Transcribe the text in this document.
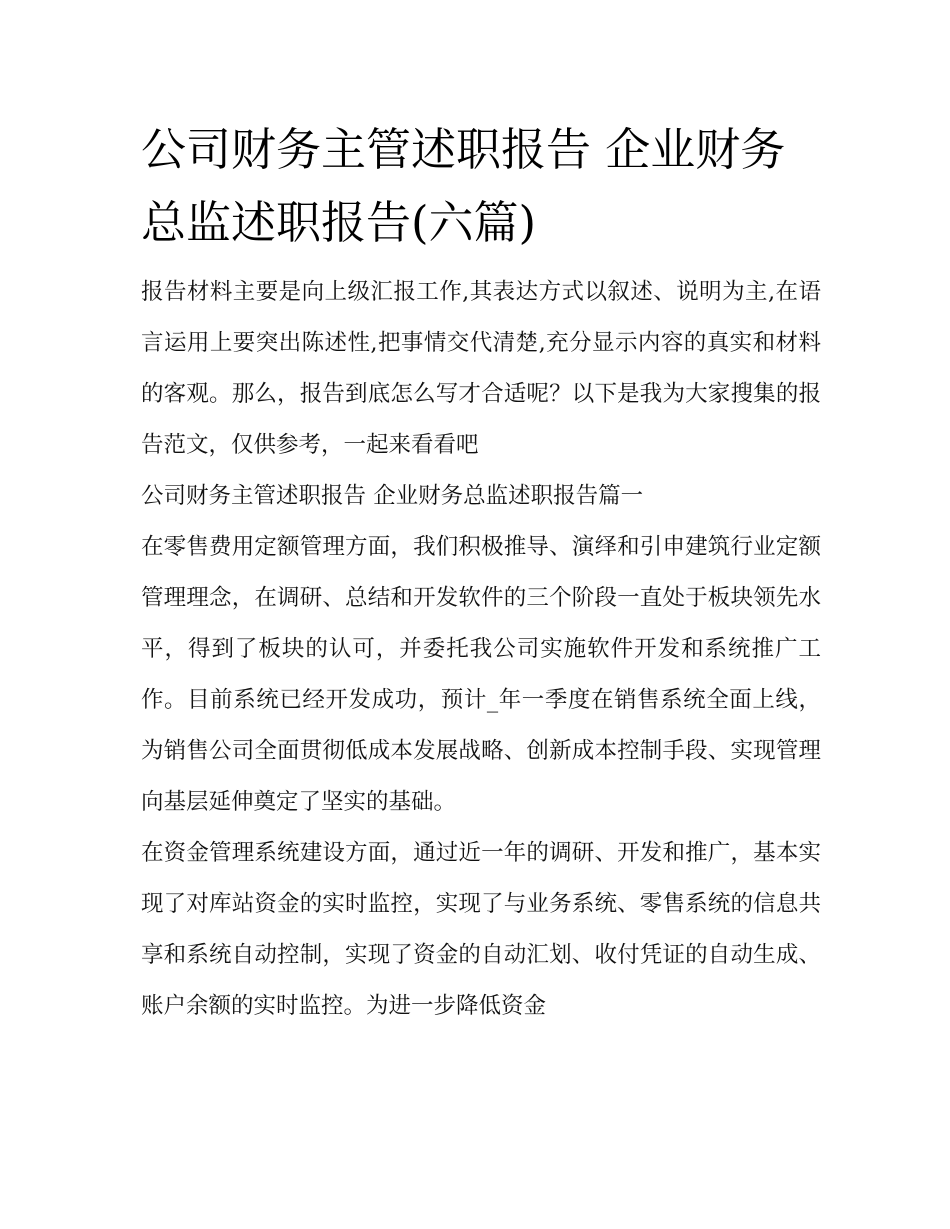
公司财务主管述职报告 企业财务总监述职报告(六篇)

报告材料主要是向上级汇报工作,其表达方式以叙述、说明为主,在语言运用上要突出陈述性,把事情交代清楚,充分显示内容的真实和材料的客观。那么，报告到底怎么写才合适呢？以下是我为大家搜集的报告范文，仅供参考，一起来看看吧

公司财务主管述职报告 企业财务总监述职报告篇一

在零售费用定额管理方面，我们积极推导、演绎和引申建筑行业定额管理理念，在调研、总结和开发软件的三个阶段一直处于板块领先水平，得到了板块的认可，并委托我公司实施软件开发和系统推广工作。目前系统已经开发成功，预计_年一季度在销售系统全面上线，为销售公司全面贯彻低成本发展战略、创新成本控制手段、实现管理向基层延伸奠定了坚实的基础。

在资金管理系统建设方面，通过近一年的调研、开发和推广，基本实现了对库站资金的实时监控，实现了与业务系统、零售系统的信息共享和系统自动控制，实现了资金的自动汇划、收付凭证的自动生成、账户余额的实时监控。为进一步降低资金
